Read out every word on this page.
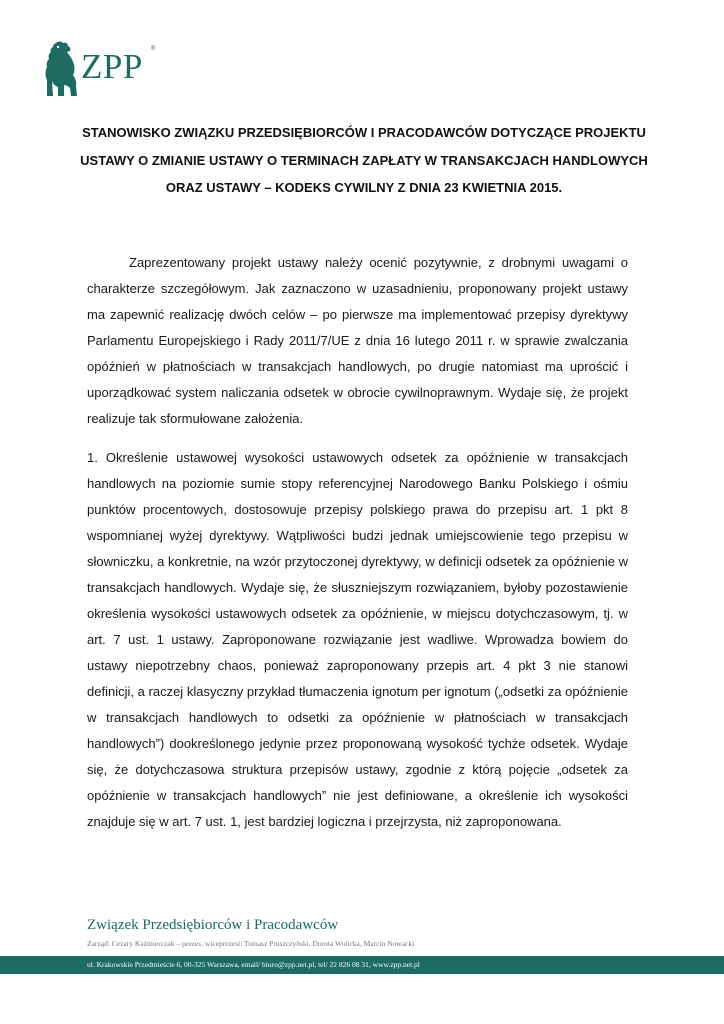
ZPP ®
STANOWISKO ZWIĄZKU PRZEDSIĘBIORCÓW I PRACODAWCÓW DOTYCZĄCE PROJEKTU
USTAWY O ZMIANIE USTAWY O TERMINACH ZAPŁATY W TRANSAKCJACH HANDLOWYCH
ORAZ USTAWY – KODEKS CYWILNY Z DNIA 23 KWIETNIA 2015.

Zaprezentowany projekt ustawy należy ocenić pozytywnie, z drobnymi uwagami o charakterze szczegółowym. Jak zaznaczono w uzasadnieniu, proponowany projekt ustawy ma zapewnić realizację dwóch celów – po pierwsze ma implementować przepisy dyrektywy Parlamentu Europejskiego i Rady 2011/7/UE z dnia 16 lutego 2011 r. w sprawie zwalczania opóźnień w płatnościach w transakcjach handlowych, po drugie natomiast ma uprościć i uporządkować system naliczania odsetek w obrocie cywilnoprawnym. Wydaje się, że projekt realizuje tak sformułowane założenia.

1. Określenie ustawowej wysokości ustawowych odsetek za opóźnienie w transakcjach handlowych na poziomie sumie stopy referencyjnej Narodowego Banku Polskiego i ośmiu punktów procentowych, dostosowuje przepisy polskiego prawa do przepisu art. 1 pkt 8 wspomnianej wyżej dyrektywy. Wątpliwości budzi jednak umiejscowienie tego przepisu w słowniczku, a konkretnie, na wzór przytoczonej dyrektywy, w definicji odsetek za opóźnienie w transakcjach handlowych. Wydaje się, że słuszniejszym rozwiązaniem, byłoby pozostawienie określenia wysokości ustawowych odsetek za opóźnienie, w miejscu dotychczasowym, tj. w art. 7 ust. 1 ustawy. Zaproponowane rozwiązanie jest wadliwe. Wprowadza bowiem do ustawy niepotrzebny chaos, ponieważ zaproponowany przepis art. 4 pkt 3 nie stanowi definicji, a raczej klasyczny przykład tłumaczenia ignotum per ignotum („odsetki za opóźnienie w transakcjach handlowych to odsetki za opóźnienie w płatnościach w transakcjach handlowych”) dookreślonego jedynie przez proponowaną wysokość tychże odsetek. Wydaje się, że dotychczasowa struktura przepisów ustawy, zgodnie z którą pojęcie „odsetek za opóźnienie w transakcjach handlowych” nie jest definiowane, a określenie ich wysokości znajduje się w art. 7 ust. 1, jest bardziej logiczna i przejrzysta, niż zaproponowana.

Związek Przedsiębiorców i Pracodawców
Zarząd: Cezary Kaźmierczak – prezes, wiceprezesi: Tomasz Pruszczyński, Dorota Wolicka, Marcin Nowacki
ul. Krakowskie Przedmieście 6, 00-325 Warszawa, email/ biuro@zpp.net.pl, tel/ 22 826 08 31, www.zpp.net.pl
